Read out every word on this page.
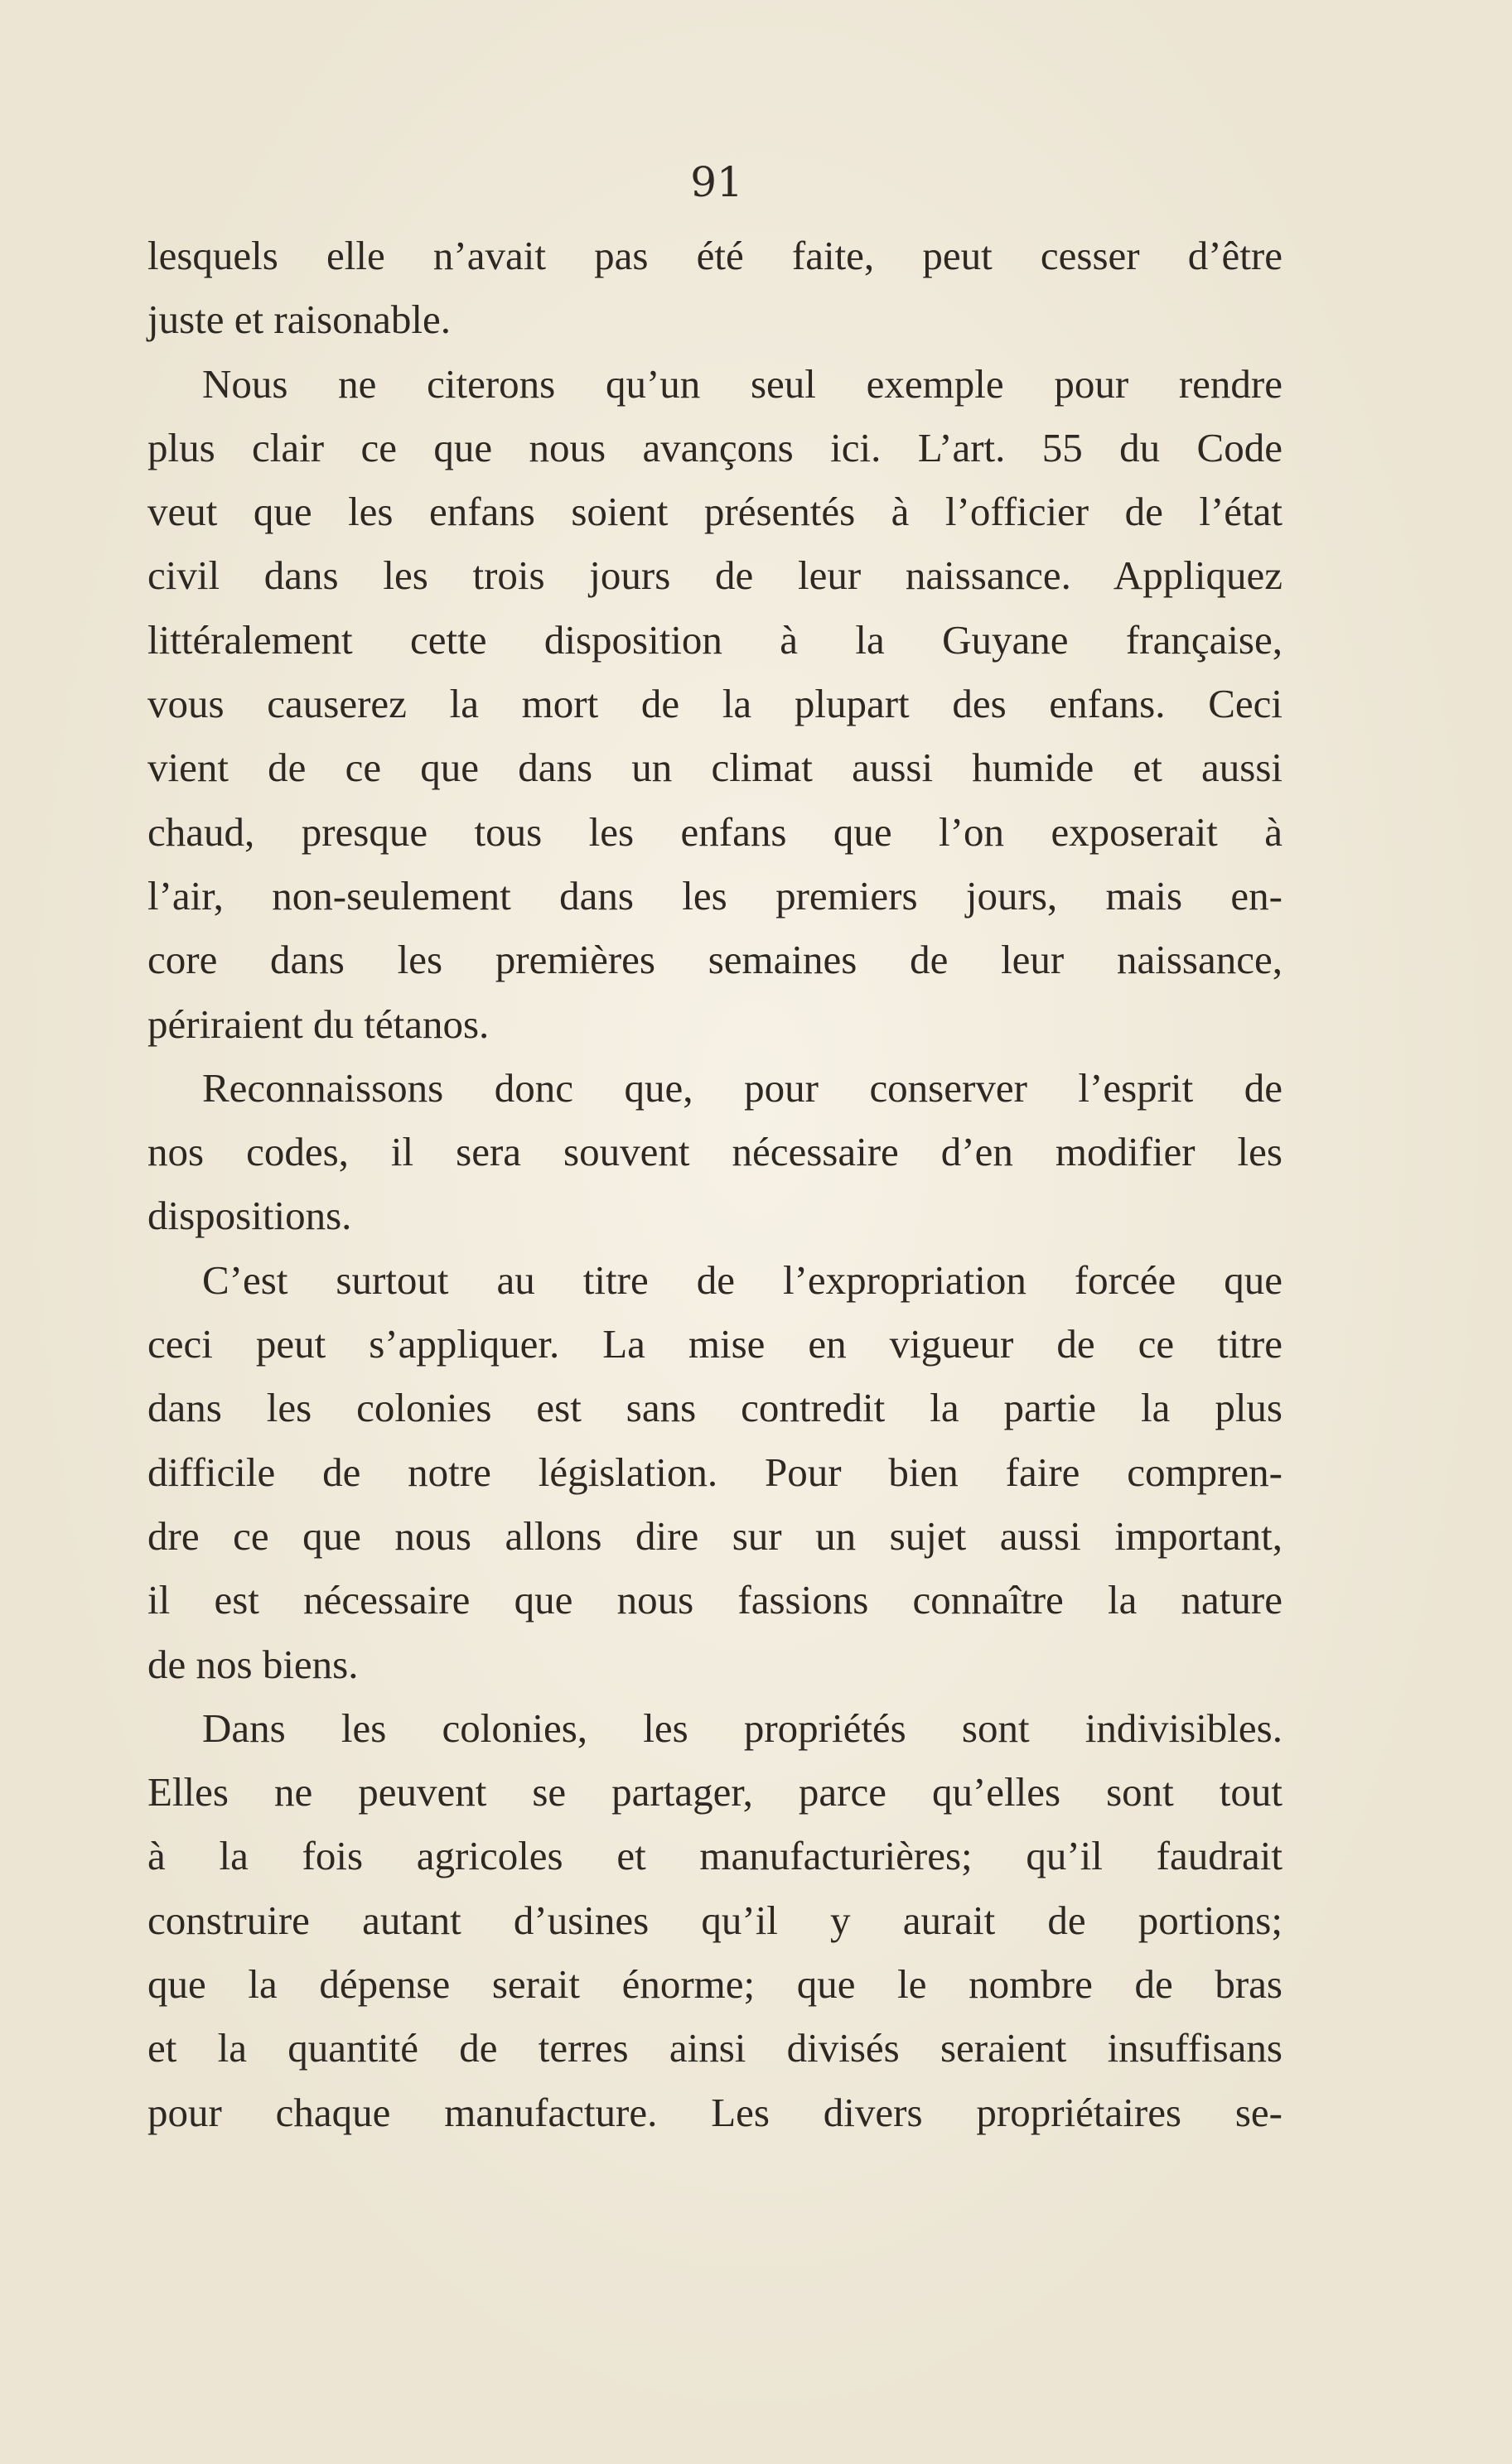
91
lesquels elle n’avait pas été faite, peut cesser d’être
juste et raisonable.
Nous ne citerons qu’un seul exemple pour rendre
plus clair ce que nous avançons ici. L’art. 55 du Code
veut que les enfans soient présentés à l’officier de l’état
civil dans les trois jours de leur naissance. Appliquez
littéralement cette disposition à la Guyane française,
vous causerez la mort de la plupart des enfans. Ceci
vient de ce que dans un climat aussi humide et aussi
chaud, presque tous les enfans que l’on exposerait à
l’air, non-seulement dans les premiers jours, mais en-
core dans les premières semaines de leur naissance,
périraient du tétanos.
Reconnaissons donc que, pour conserver l’esprit de
nos codes, il sera souvent nécessaire d’en modifier les
dispositions.
C’est surtout au titre de l’expropriation forcée que
ceci peut s’appliquer. La mise en vigueur de ce titre
dans les colonies est sans contredit la partie la plus
difficile de notre législation. Pour bien faire compren-
dre ce que nous allons dire sur un sujet aussi important,
il est nécessaire que nous fassions connaître la nature
de nos biens.
Dans les colonies, les propriétés sont indivisibles.
Elles ne peuvent se partager, parce qu’elles sont tout
à la fois agricoles et manufacturières; qu’il faudrait
construire autant d’usines qu’il y aurait de portions;
que la dépense serait énorme; que le nombre de bras
et la quantité de terres ainsi divisés seraient insuffisans
pour chaque manufacture. Les divers propriétaires se-
